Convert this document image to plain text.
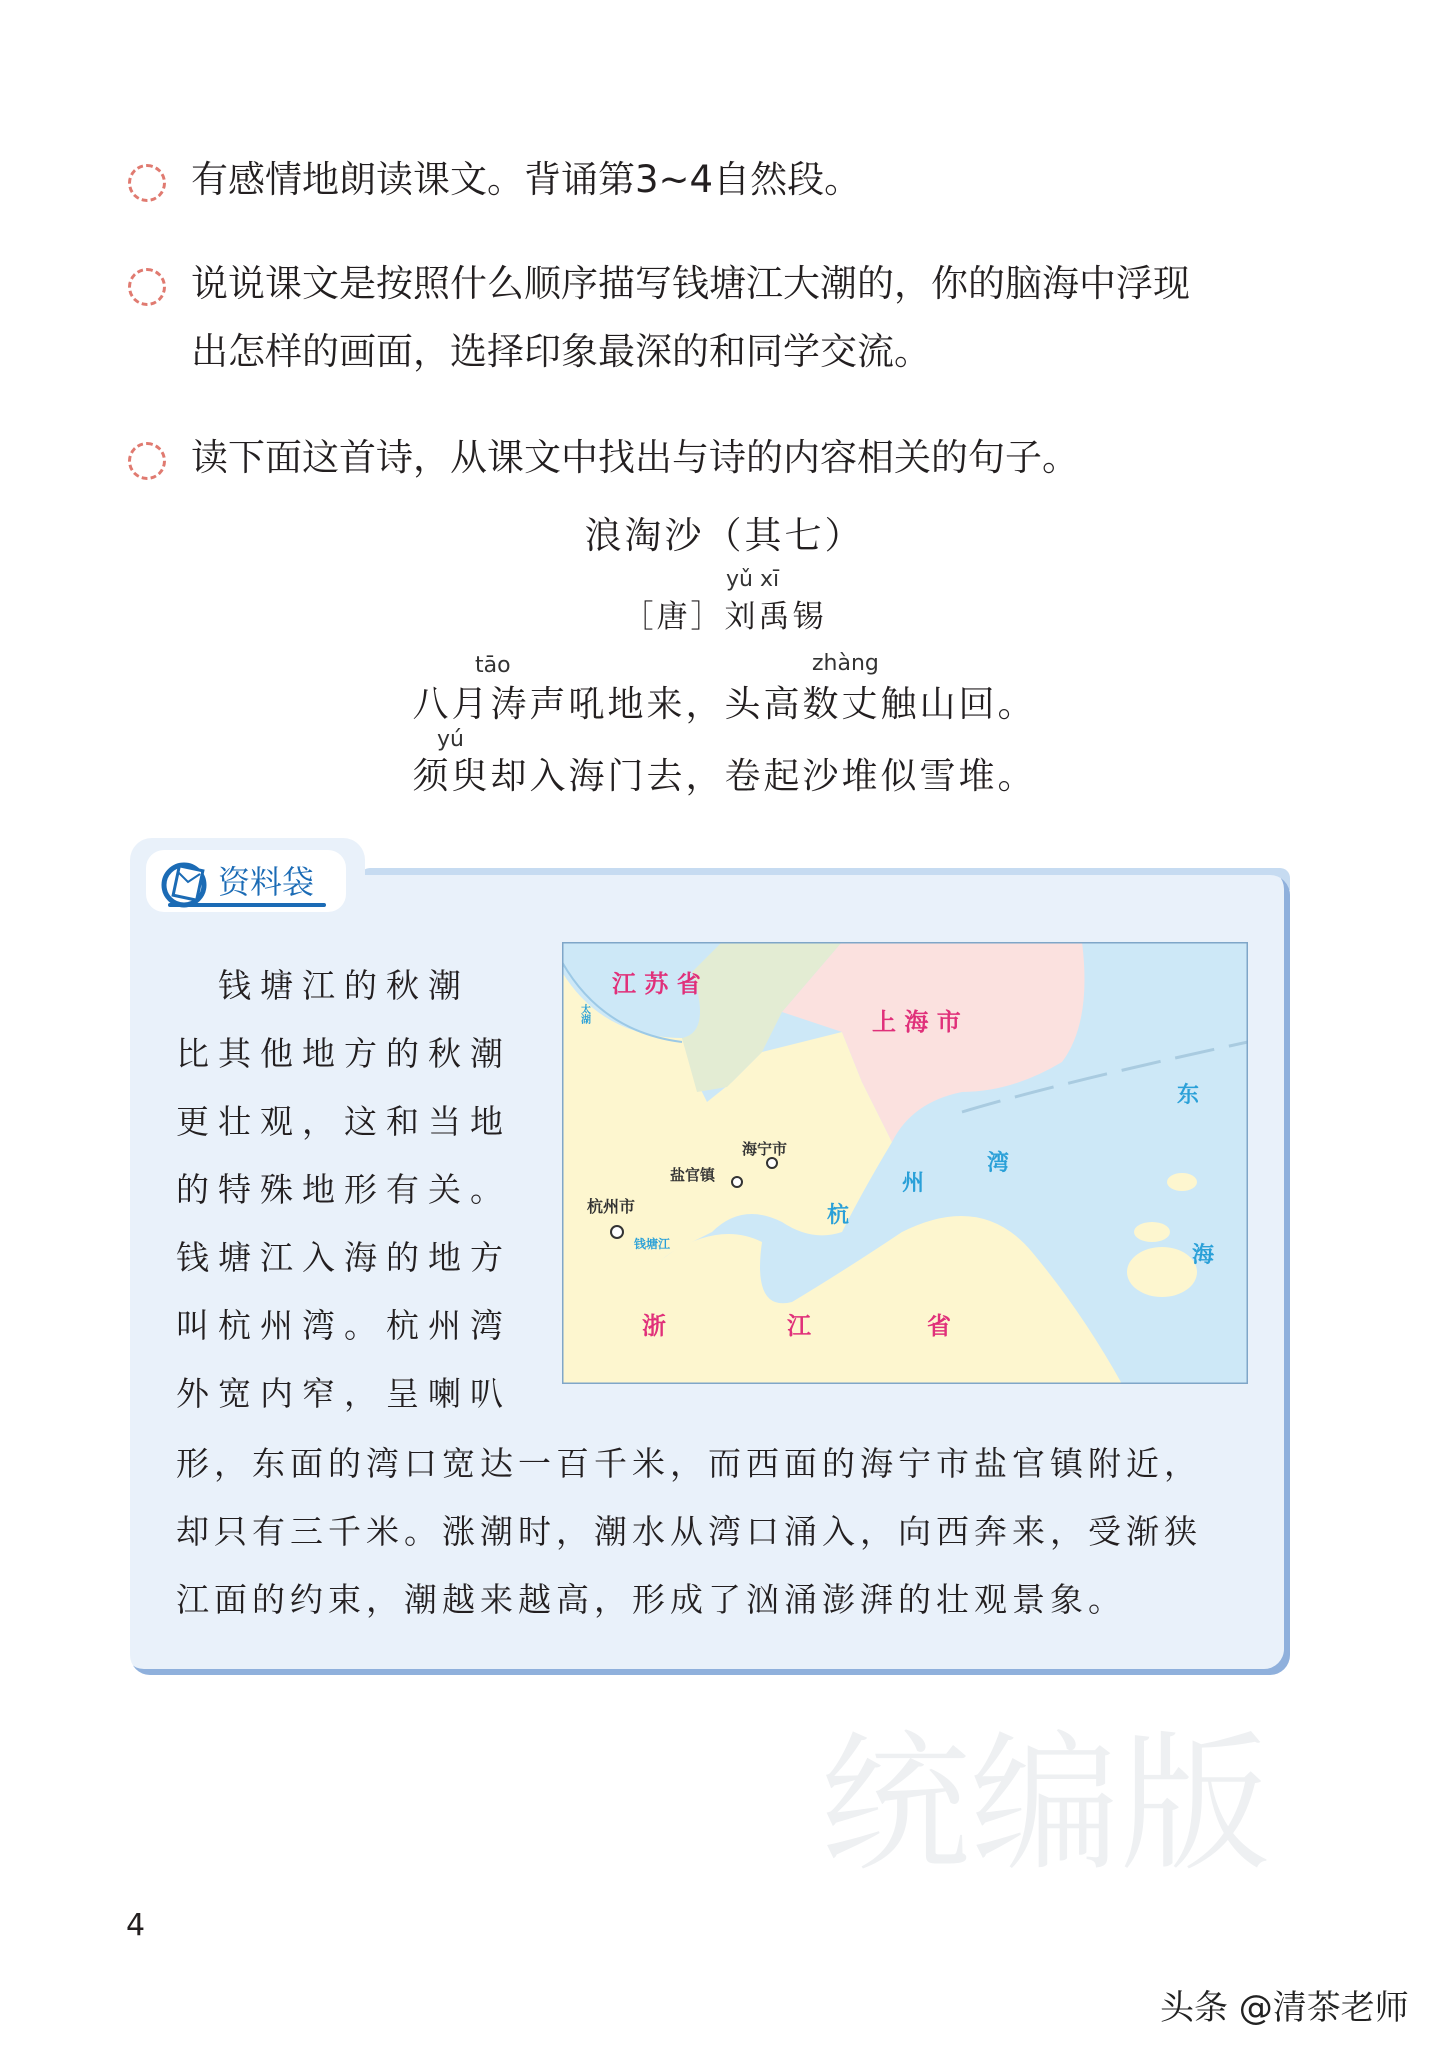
统编版
有感情地朗读课文。背诵第3~4自然段。
说说课文是按照什么顺序描写钱塘江大潮的，你的脑海中浮现
出怎样的画面，选择印象最深的和同学交流。
读下面这首诗，从课文中找出与诗的内容相关的句子。
浪淘沙（其七）
yǔ xī
［唐］刘禹锡
tāo	zhàng
八月涛声吼地来，头高数丈触山回。
yú
须臾却入海门去，卷起沙堆似雪堆。
资料袋
　钱塘江的秋潮
比其他地方的秋潮
更壮观，这和当地
的特殊地形有关。
钱塘江入海的地方
叫杭州湾。杭州湾
外宽内窄，呈喇叭
形，东面的湾口宽达一百千米，而西面的海宁市盐官镇附近，
却只有三千米。涨潮时，潮水从湾口涌入，向西奔来，受渐狭
江面的约束，潮越来越高，形成了汹涌澎湃的壮观景象。
江 苏 省
上 海 市
太湖
海宁市
盐官镇
杭州市
钱塘江
杭
州
湾
东
海
浙	江	省
4
头条 @清茶老师
